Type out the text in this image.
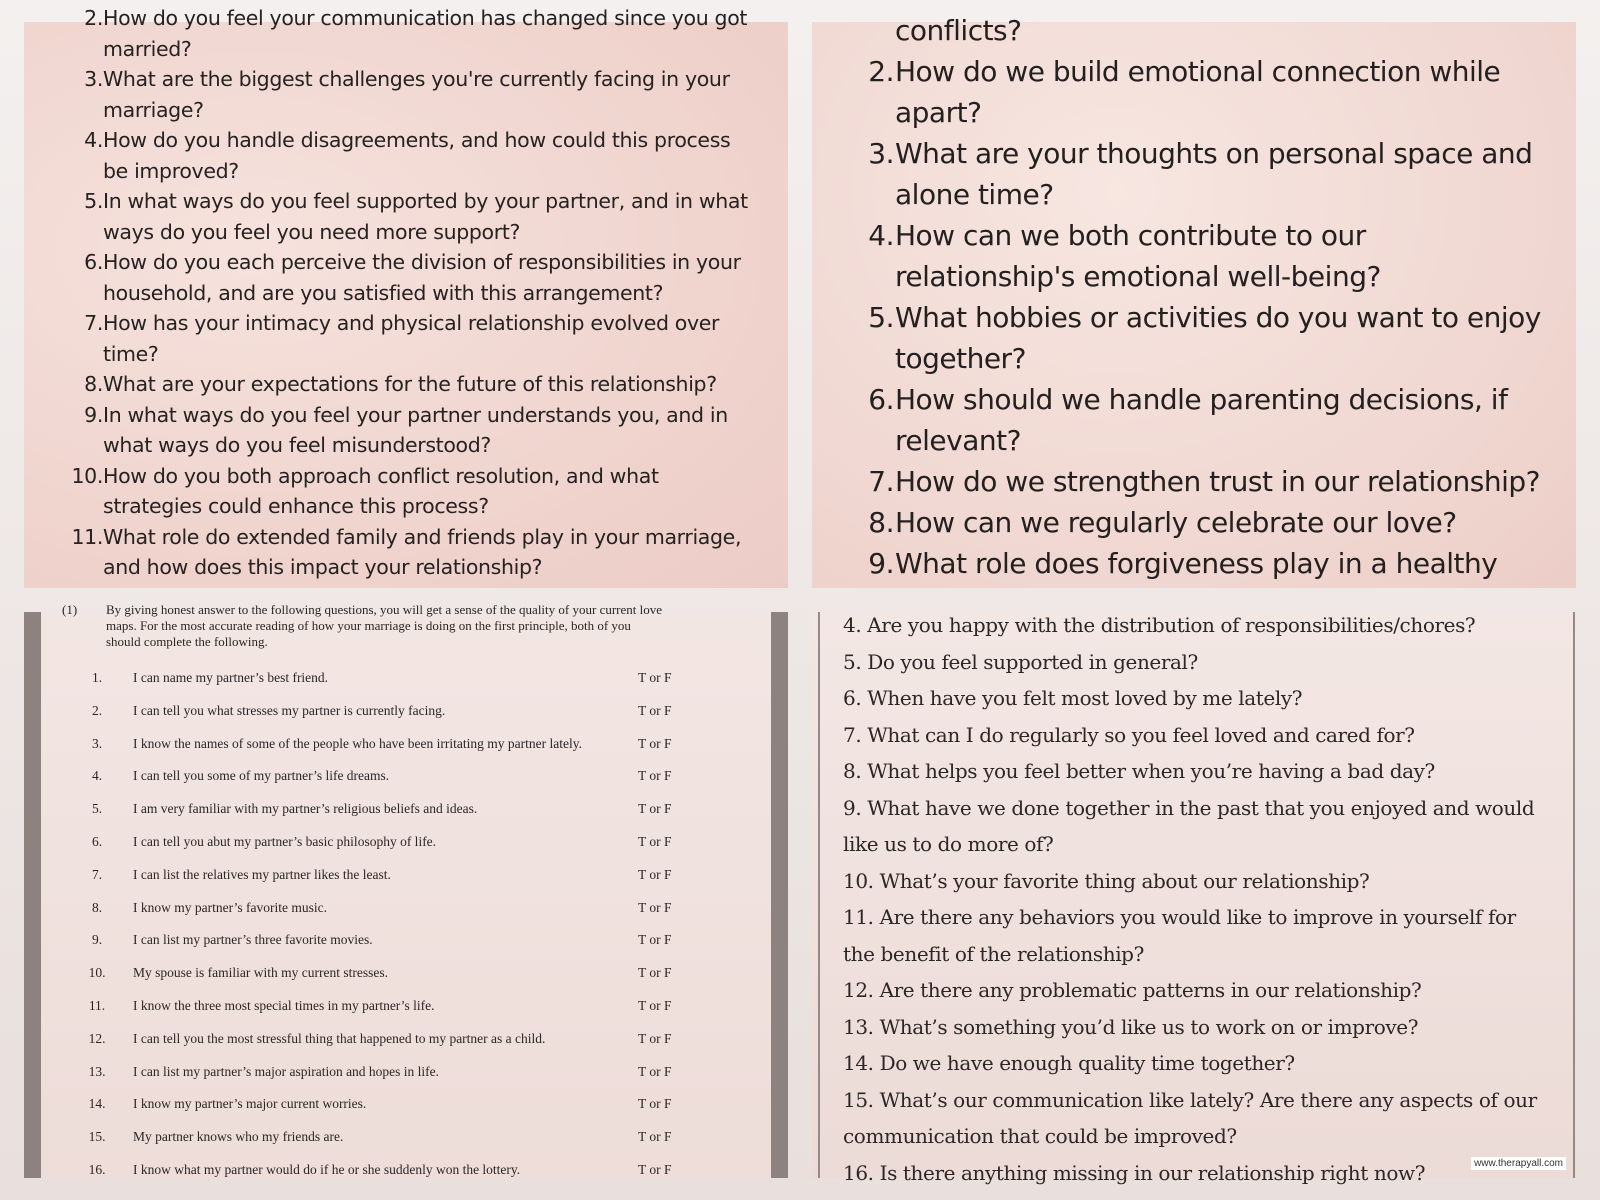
2. How do you feel your communication has changed since you got married?
3. What are the biggest challenges you're currently facing in your marriage?
4. How do you handle disagreements, and how could this process be improved?
5. In what ways do you feel supported by your partner, and in what ways do you feel you need more support?
6. How do you each perceive the division of responsibilities in your household, and are you satisfied with this arrangement?
7. How has your intimacy and physical relationship evolved over time?
8. What are your expectations for the future of this relationship?
9. In what ways do you feel your partner understands you, and in what ways do you feel misunderstood?
10. How do you both approach conflict resolution, and what strategies could enhance this process?
11. What role do extended family and friends play in your marriage, and how does this impact your relationship?
conflicts?
2. How do we build emotional connection while apart?
3. What are your thoughts on personal space and alone time?
4. How can we both contribute to our relationship's emotional well-being?
5. What hobbies or activities do you want to enjoy together?
6. How should we handle parenting decisions, if relevant?
7. How do we strengthen trust in our relationship?
8. How can we regularly celebrate our love?
9. What role does forgiveness play in a healthy
(1) By giving honest answer to the following questions, you will get a sense of the quality of your current love maps. For the most accurate reading of how your marriage is doing on the first principle, both of you should complete the following.
1.	I can name my partner’s best friend.	T or F
2.	I can tell you what stresses my partner is currently facing.	T or F
3.	I know the names of some of the people who have been irritating my partner lately.	T or F
4.	I can tell you some of my partner’s life dreams.	T or F
5.	I am very familiar with my partner’s religious beliefs and ideas.	T or F
6.	I can tell you abut my partner’s basic philosophy of life.	T or F
7.	I can list the relatives my partner likes the least.	T or F
8.	I know my partner’s favorite music.	T or F
9.	I can list my partner’s three favorite movies.	T or F
10.	My spouse is familiar with my current stresses.	T or F
11.	I know the three most special times in my partner’s life.	T or F
12.	I can tell you the most stressful thing that happened to my partner as a child.	T or F
13.	I can list my partner’s major aspiration and hopes in life.	T or F
14.	I know my partner’s major current worries.	T or F
15.	My partner knows who my friends are.	T or F
16.	I know what my partner would do if he or she suddenly won the lottery.	T or F

4. Are you happy with the distribution of responsibilities/chores?

5. Do you feel supported in general?

6. When have you felt most loved by me lately?

7. What can I do regularly so you feel loved and cared for?

8. What helps you feel better when you’re having a bad day?

9. What have we done together in the past that you enjoyed and would like us to do more of?

10. What’s your favorite thing about our relationship?

11. Are there any behaviors you would like to improve in yourself for the benefit of the relationship?

12. Are there any problematic patterns in our relationship?

13. What’s something you’d like us to work on or improve?

14. Do we have enough quality time together?

15. What’s our communication like lately? Are there any aspects of our communication that could be improved?

16. Is there anything missing in our relationship right now?	www.therapyall.com
